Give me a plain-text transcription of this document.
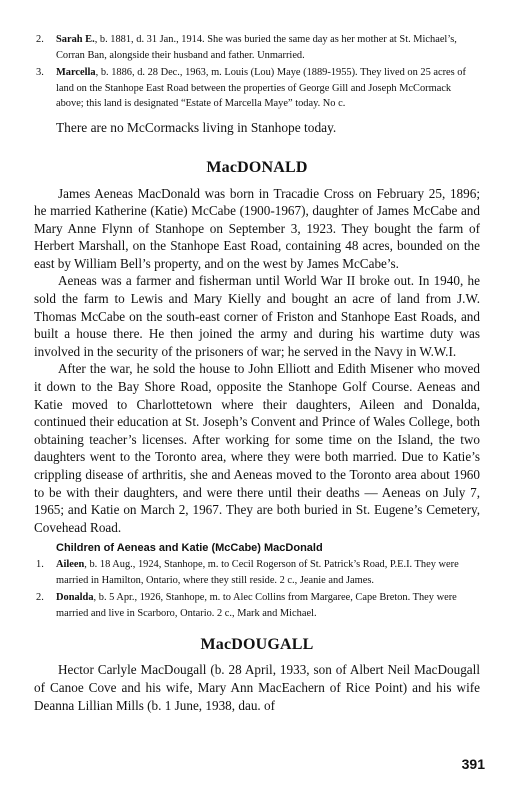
2.	Sarah E., b. 1881, d. 31 Jan., 1914. She was buried the same day as her mother at St. Michael’s, Corran Ban, alongside their husband and father. Unmarried.
3.	Marcella, b. 1886, d. 28 Dec., 1963, m. Louis (Lou) Maye (1889-1955). They lived on 25 acres of land on the Stanhope East Road between the properties of George Gill and Joseph McCormack above; this land is designated “Estate of Marcella Maye” today. No c.

There are no McCormacks living in Stanhope today.

MacDONALD

James Aeneas MacDonald was born in Tracadie Cross on February 25, 1896; he married Katherine (Katie) McCabe (1900-1967), daughter of James McCabe and Mary Anne Flynn of Stanhope on September 3, 1923. They bought the farm of Herbert Marshall, on the Stanhope East Road, containing 48 acres, bounded on the east by William Bell’s property, and on the west by James McCabe’s.

Aeneas was a farmer and fisherman until World War II broke out. In 1940, he sold the farm to Lewis and Mary Kielly and bought an acre of land from J.W. Thomas McCabe on the south-east corner of Friston and Stanhope East Roads, and built a house there. He then joined the army and during his wartime duty was involved in the security of the prisoners of war; he served in the Navy in W.W.I.

After the war, he sold the house to John Elliott and Edith Misener who moved it down to the Bay Shore Road, opposite the Stanhope Golf Course. Aeneas and Katie moved to Charlottetown where their daughters, Aileen and Donalda, continued their education at St. Joseph’s Convent and Prince of Wales College, both obtaining teacher’s licenses. After working for some time on the Island, the two daughters went to the Toronto area, where they were both married. Due to Katie’s crippling disease of arthritis, she and Aeneas moved to the Toronto area about 1960 to be with their daughters, and were there until their deaths — Aeneas on July 7, 1965; and Katie on March 2, 1967. They are both buried in St. Eugene’s Cemetery, Covehead Road.

Children of Aeneas and Katie (McCabe) MacDonald
1.	Aileen, b. 18 Aug., 1924, Stanhope, m. to Cecil Rogerson of St. Patrick’s Road, P.E.I. They were married in Hamilton, Ontario, where they still reside. 2 c., Jeanie and James.
2.	Donalda, b. 5 Apr., 1926, Stanhope, m. to Alec Collins from Margaree, Cape Breton. They were married and live in Scarboro, Ontario. 2 c., Mark and Michael.
MacDOUGALL

Hector Carlyle MacDougall (b. 28 April, 1933, son of Albert Neil MacDougall of Canoe Cove and his wife, Mary Ann MacEachern of Rice Point) and his wife Deanna Lillian Mills (b. 1 June, 1938, dau. of

391
